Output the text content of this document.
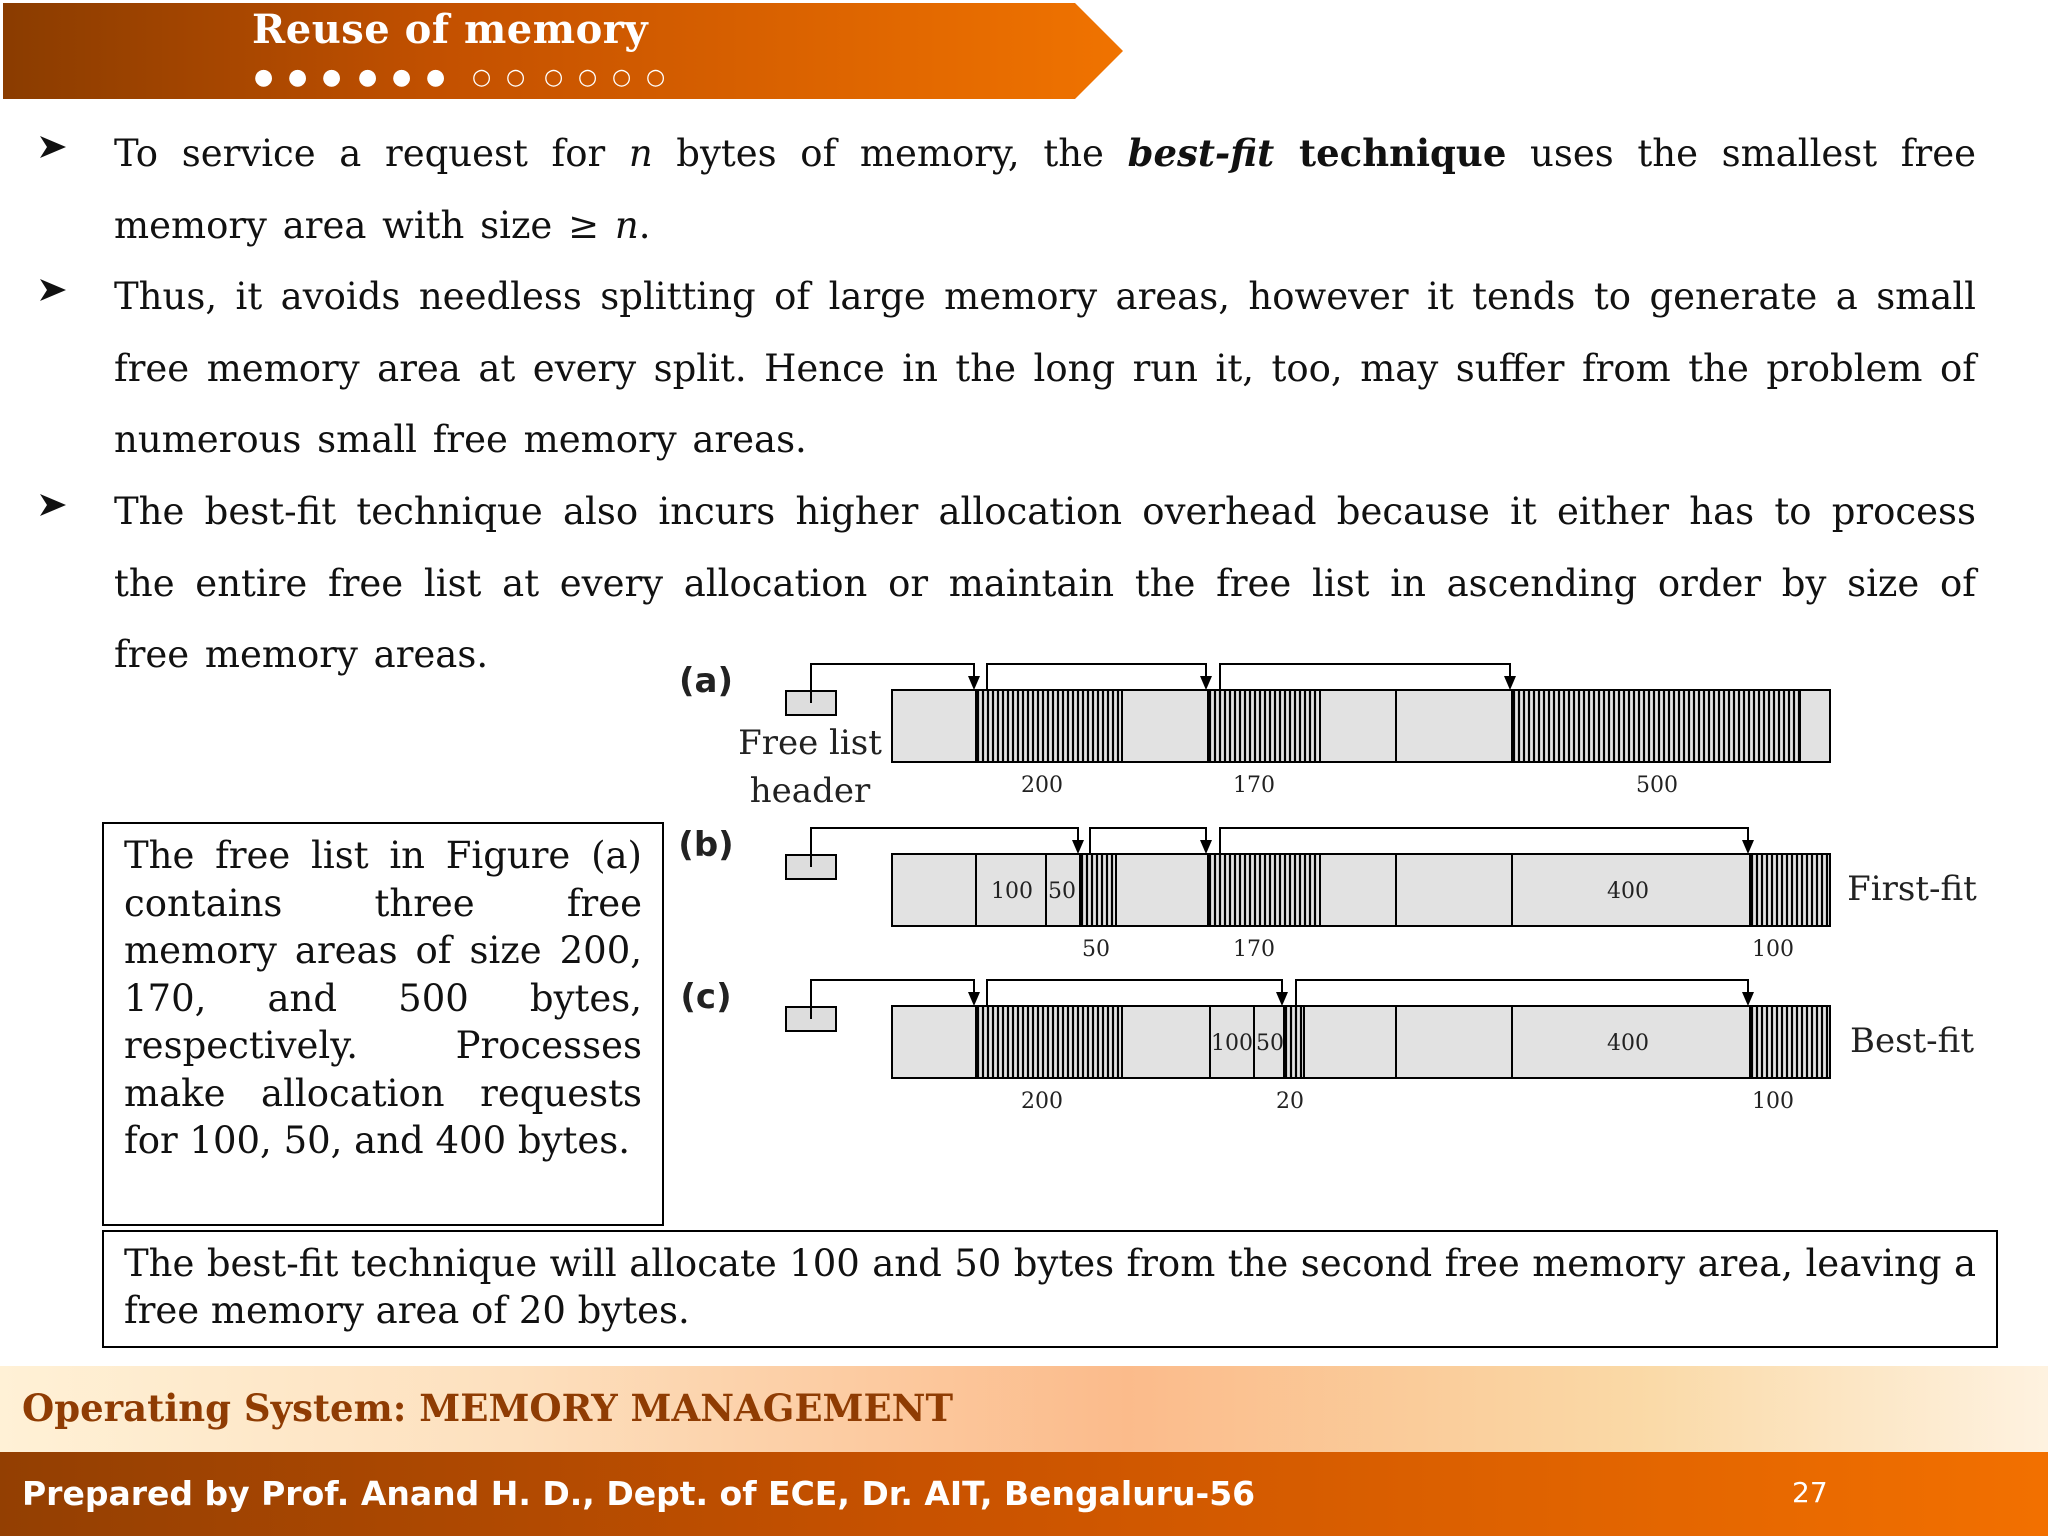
Reuse of memory
● ● ● ● ● ● ○ ○ ○ ○ ○ ○
To service a request for n bytes of memory, the best-fit technique uses the smallest free memory area with size ≥ n.
Thus, it avoids needless splitting of large memory areas, however it tends to generate a small free memory area at every split. Hence in the long run it, too, may suffer from the problem of numerous small free memory areas.
The best-fit technique also incurs higher allocation overhead because it either has to process the entire free list at every allocation or maintain the free list in ascending order by size of free memory areas.
(a)
200	170	500
(b)
50	170	100
100 50	400	First-fit
(c)
200	20	100
100 50	400	Best-fit
Free list
header
The free list in Figure (a) contains three free memory areas of size 200, 170, and 500 bytes, respectively. Processes make allocation requests for 100, 50, and 400 bytes.
The best-fit technique will allocate 100 and 50 bytes from the second free memory area, leaving a free memory area of 20 bytes.
Operating System: MEMORY MANAGEMENT
Prepared by Prof. Anand H. D., Dept. of ECE, Dr. AIT, Bengaluru-56	27
